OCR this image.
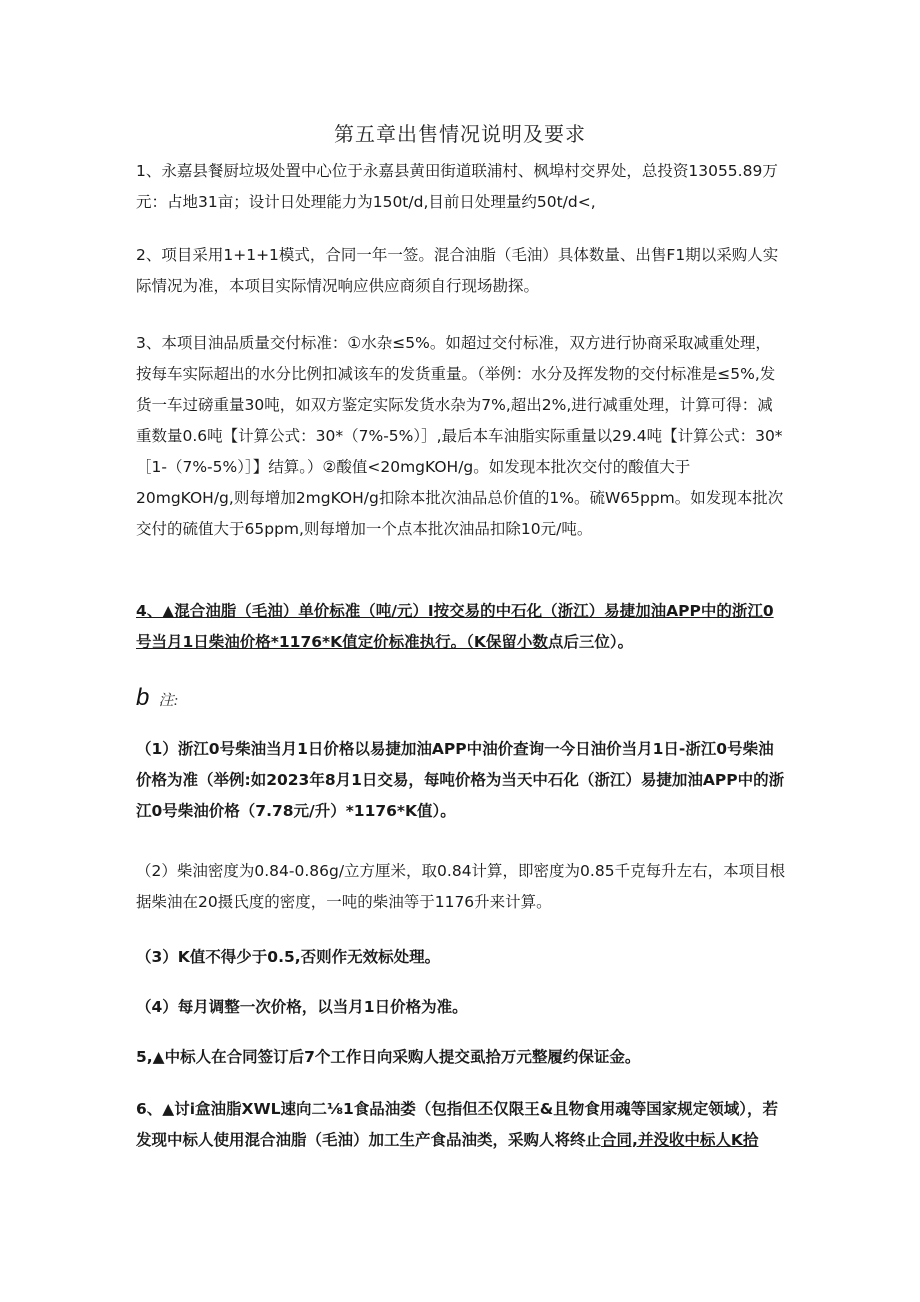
第五章出售情况说明及要求

1、永嘉县餐厨垃圾处置中心位于永嘉县黄田街道联浦村、枫埠村交界处，总投资13055.89万元：占地31亩；设计日处理能力为150t/d,目前日处理量约50t/d<,

2、项目采用1+1+1模式，合同一年一签。混合油脂（毛油）具体数量、出售F1期以采购人实际情况为准，本项目实际情况响应供应商须自行现场勘探。

3、本项目油品质量交付标准：①水杂≤5%。如超过交付标准，双方进行协商采取减重处理，按每车实际超出的水分比例扣减该车的发货重量。（举例：水分及挥发物的交付标准是≤5%,发货一车过磅重量30吨，如双方鉴定实际发货水杂为7%,超出2%,进行减重处理，计算可得：减重数量0.6吨【计算公式：30*（7%-5%）］,最后本车油脂实际重量以29.4吨【计算公式：30*［1-（7%-5%）］】结算。）②酸值<20mgKOH/g。如发现本批次交付的酸值大于20mgKOH/g,则每增加2mgKOH/g扣除本批次油品总价值的1%。硫W65ppm。如发现本批次交付的硫值大于65ppm,则每增加一个点本批次油品扣除10元/吨。

4、▲混合油脂（毛油）单价标准（吨/元）I按交易的中石化（浙江）易捷加油APP中的浙江0号当月1日柴油价格*1176*K值定价标准执行。（K保留小数点后三位）。

b 注:

（1）浙江0号柴油当月1日价格以易捷加油APP中油价查询一今日油价当月1日-浙江0号柴油价格为准（举例:如2023年8月1日交易，每吨价格为当天中石化（浙江）易捷加油APP中的浙江0号柴油价格（7.78元/升）*1176*K值）。

（2）柴油密度为0.84-0.86g/立方厘米，取0.84计算，即密度为0.85千克每升左右，本项目根据柴油在20摄氏度的密度，一吨的柴油等于1176升来计算。

（3）K值不得少于0.5,否则作无效标处理。

（4）每月调整一次价格，以当月1日价格为准。

5,▲中标人在合同签订后7个工作日向采购人提交虱拾万元整履约保证金。

6、▲讨i盒油脂XWL速向二⅛1食品油娄（包指但丕仅限王&且物食用魂等国家规定领域），若发现中标人使用混合油脂（毛油）加工生产食品油类，采购人将终止合同,并没收中标人K拾
